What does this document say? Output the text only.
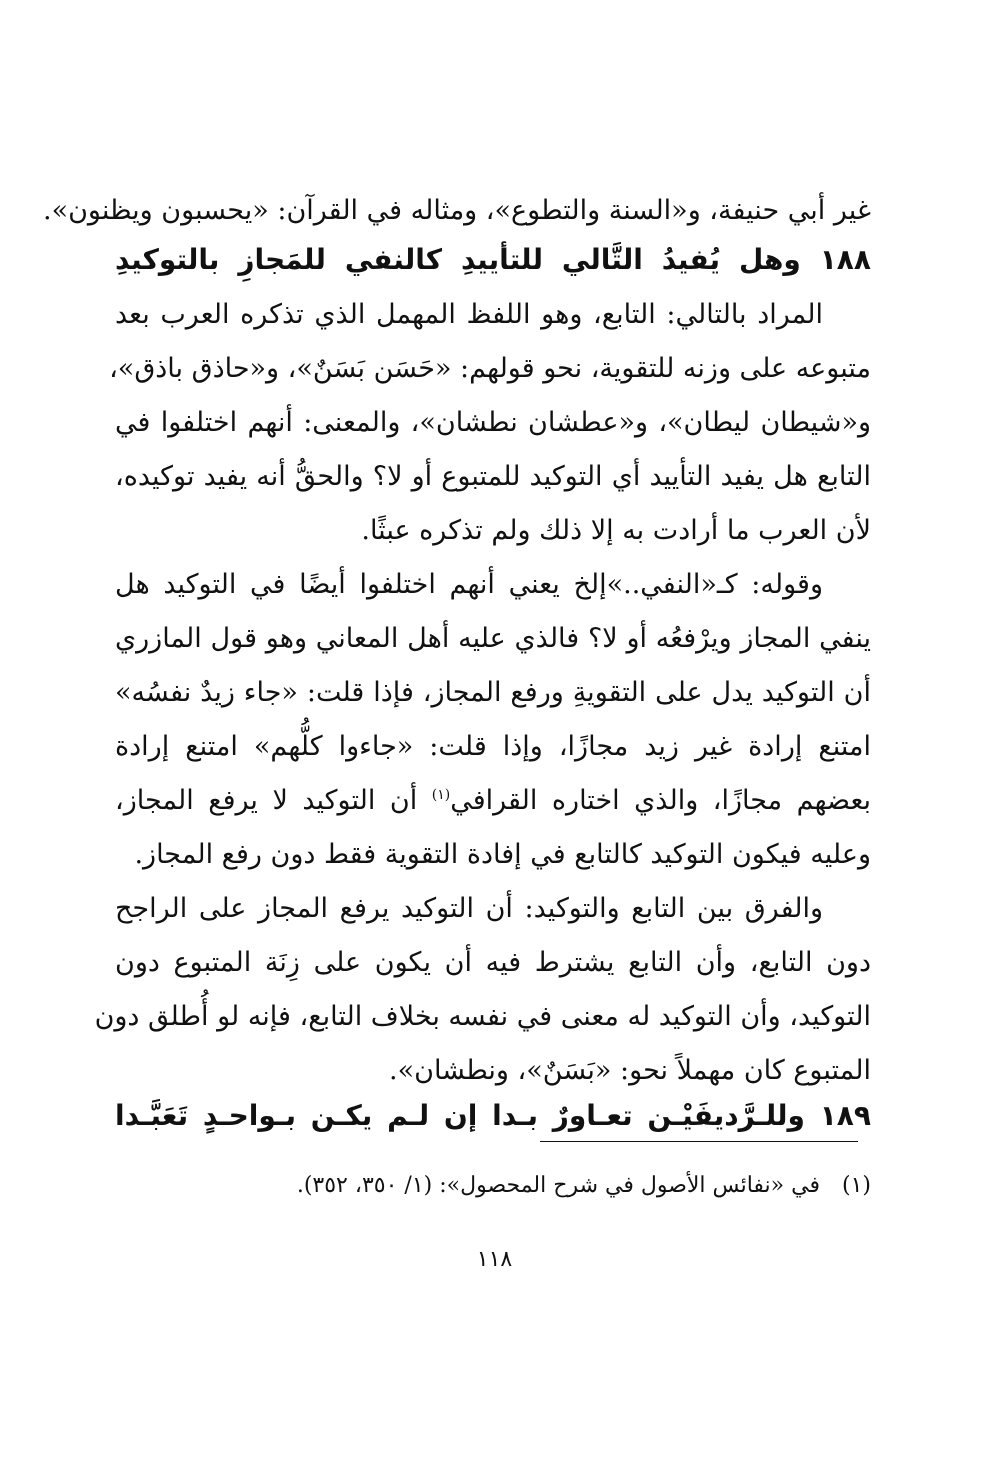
غير أبي حنيفة، و«السنة والتطوع»، ومثاله في القرآن: «يحسبون ويظنون».
١٨٨ وهل يُفيدُ التَّالي للتأييدِ كالنفي للمَجازِ بالتوكيدِ
المراد بالتالي: التابع، وهو اللفظ المهمل الذي تذكره العرب بعد
متبوعه على وزنه للتقوية، نحو قولهم: «حَسَن بَسَنٌ»، و«حاذق باذق»،
و«شيطان ليطان»، و«عطشان نطشان»، والمعنى: أنهم اختلفوا في
التابع هل يفيد التأييد أي التوكيد للمتبوع أو لا؟ والحقُّ أنه يفيد توكيده،
لأن العرب ما أرادت به إلا ذلك ولم تذكره عبثًا.
وقوله: كـ«النفي..»إلخ يعني أنهم اختلفوا أيضًا في التوكيد هل
ينفي المجاز ويرْفعُه أو لا؟ فالذي عليه أهل المعاني وهو قول المازري
أن التوكيد يدل على التقويةِ ورفع المجاز، فإذا قلت: «جاء زيدٌ نفسُه»
امتنع إرادة غير زيد مجازًا، وإذا قلت: «جاءوا كلُّهم» امتنع إرادة
بعضهم مجازًا، والذي اختاره القرافي$^{(١)}$ أن التوكيد لا يرفع المجاز،
وعليه فيكون التوكيد كالتابع في إفادة التقوية فقط دون رفع المجاز.
والفرق بين التابع والتوكيد: أن التوكيد يرفع المجاز على الراجح
دون التابع، وأن التابع يشترط فيه أن يكون على زِنَة المتبوع دون
التوكيد، وأن التوكيد له معنى في نفسه بخلاف التابع، فإنه لو أُطلق دون
المتبوع كان مهملاً نحو: «بَسَنٌ»، ونطشان».
١٨٩ وللـرَّديفَيْـن تعـاورٌ بـدا إن لـم يكـن بـواحـدٍ تَعَبَّـدا
(١)في «نفائس الأصول في شرح المحصول»: (١/ ٣٥٠، ٣٥٢).
١١٨
